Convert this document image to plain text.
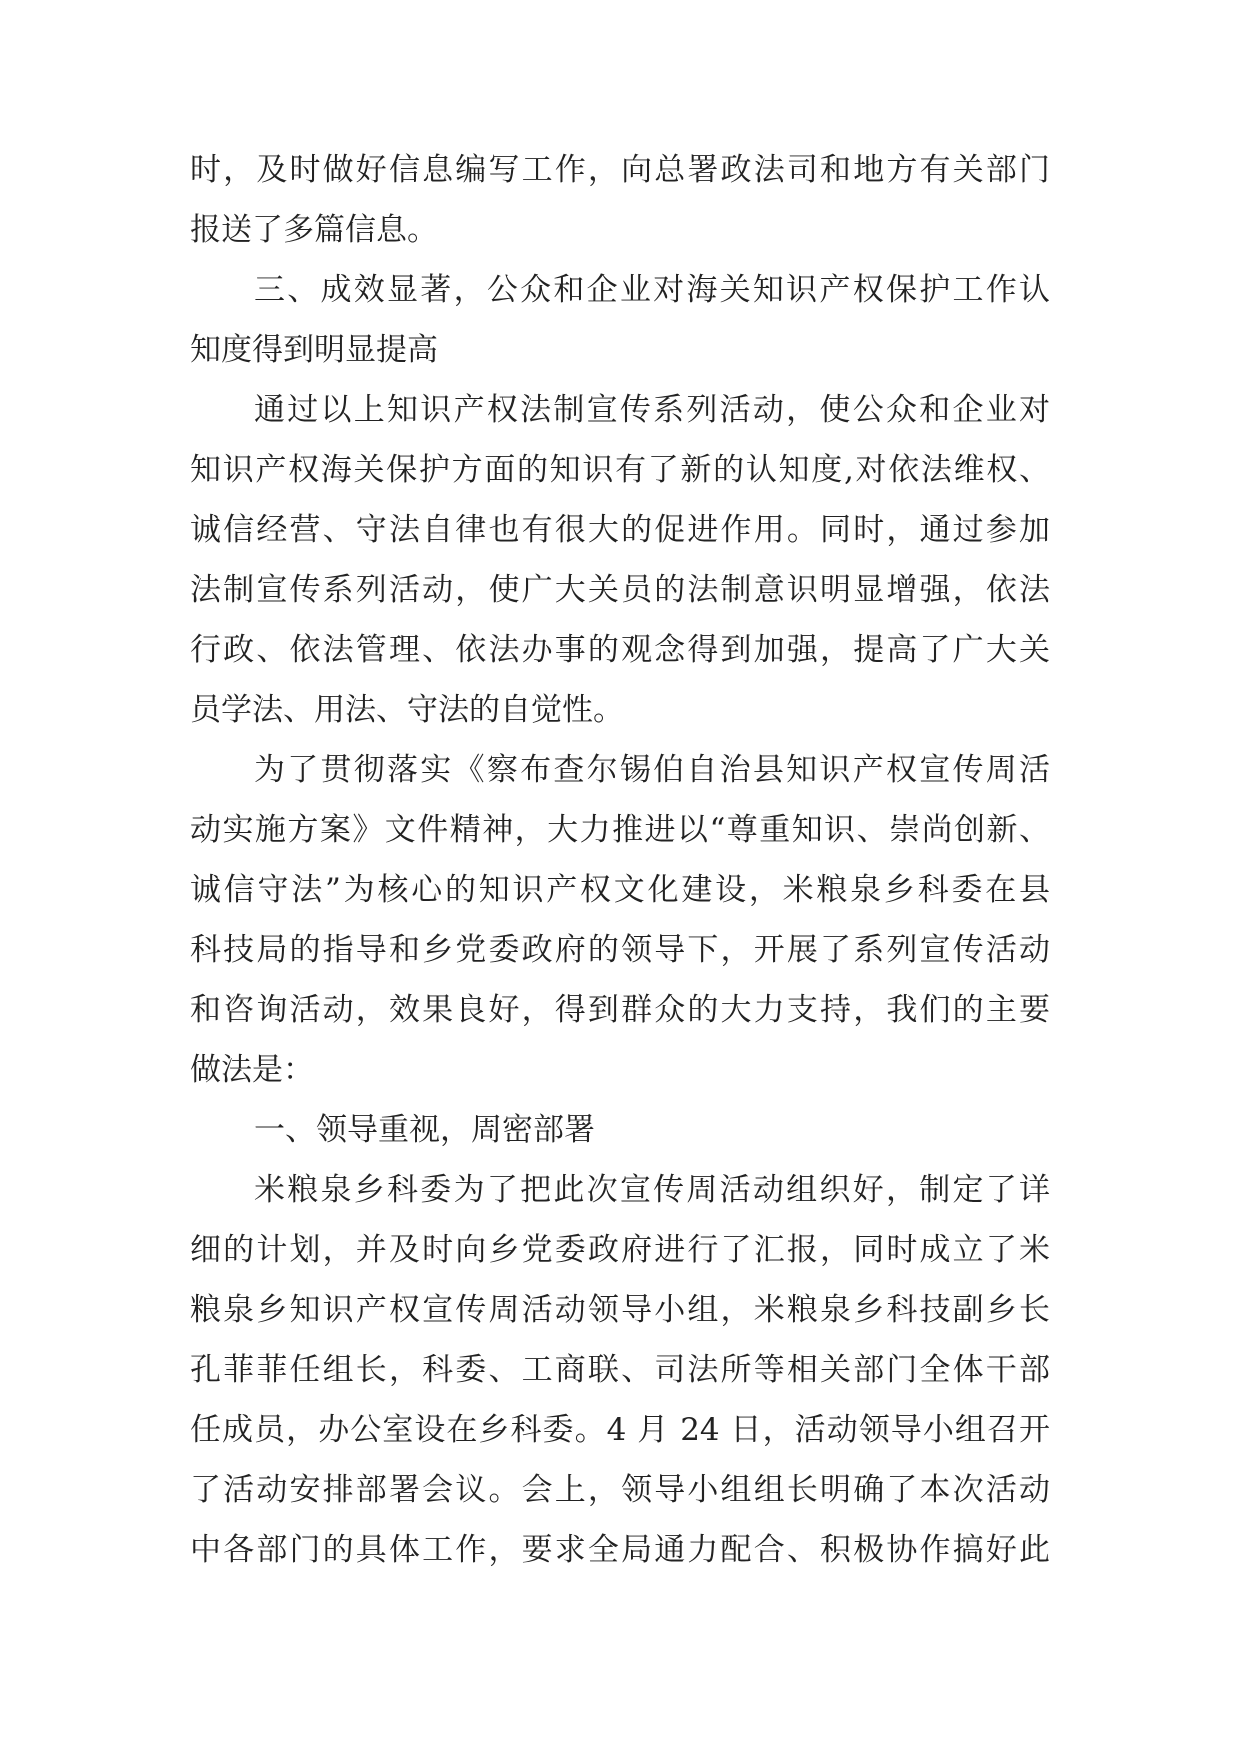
时，及时做好信息编写工作，向总署政法司和地方有关部门
报送了多篇信息。
三、成效显著，公众和企业对海关知识产权保护工作认
知度得到明显提高
通过以上知识产权法制宣传系列活动，使公众和企业对
知识产权海关保护方面的知识有了新的认知度,对依法维权、
诚信经营、守法自律也有很大的促进作用。同时，通过参加
法制宣传系列活动，使广大关员的法制意识明显增强，依法
行政、依法管理、依法办事的观念得到加强，提高了广大关
员学法、用法、守法的自觉性。
为了贯彻落实《察布查尔锡伯自治县知识产权宣传周活
动实施方案》文件精神，大力推进以“尊重知识、崇尚创新、
诚信守法”为核心的知识产权文化建设，米粮泉乡科委在县
科技局的指导和乡党委政府的领导下，开展了系列宣传活动
和咨询活动，效果良好，得到群众的大力支持，我们的主要
做法是：
一、领导重视，周密部署
米粮泉乡科委为了把此次宣传周活动组织好，制定了详
细的计划，并及时向乡党委政府进行了汇报，同时成立了米
粮泉乡知识产权宣传周活动领导小组，米粮泉乡科技副乡长
孔菲菲任组长，科委、工商联、司法所等相关部门全体干部
任成员，办公室设在乡科委。4 月 24 日，活动领导小组召开
了活动安排部署会议。会上，领导小组组长明确了本次活动
中各部门的具体工作，要求全局通力配合、积极协作搞好此
